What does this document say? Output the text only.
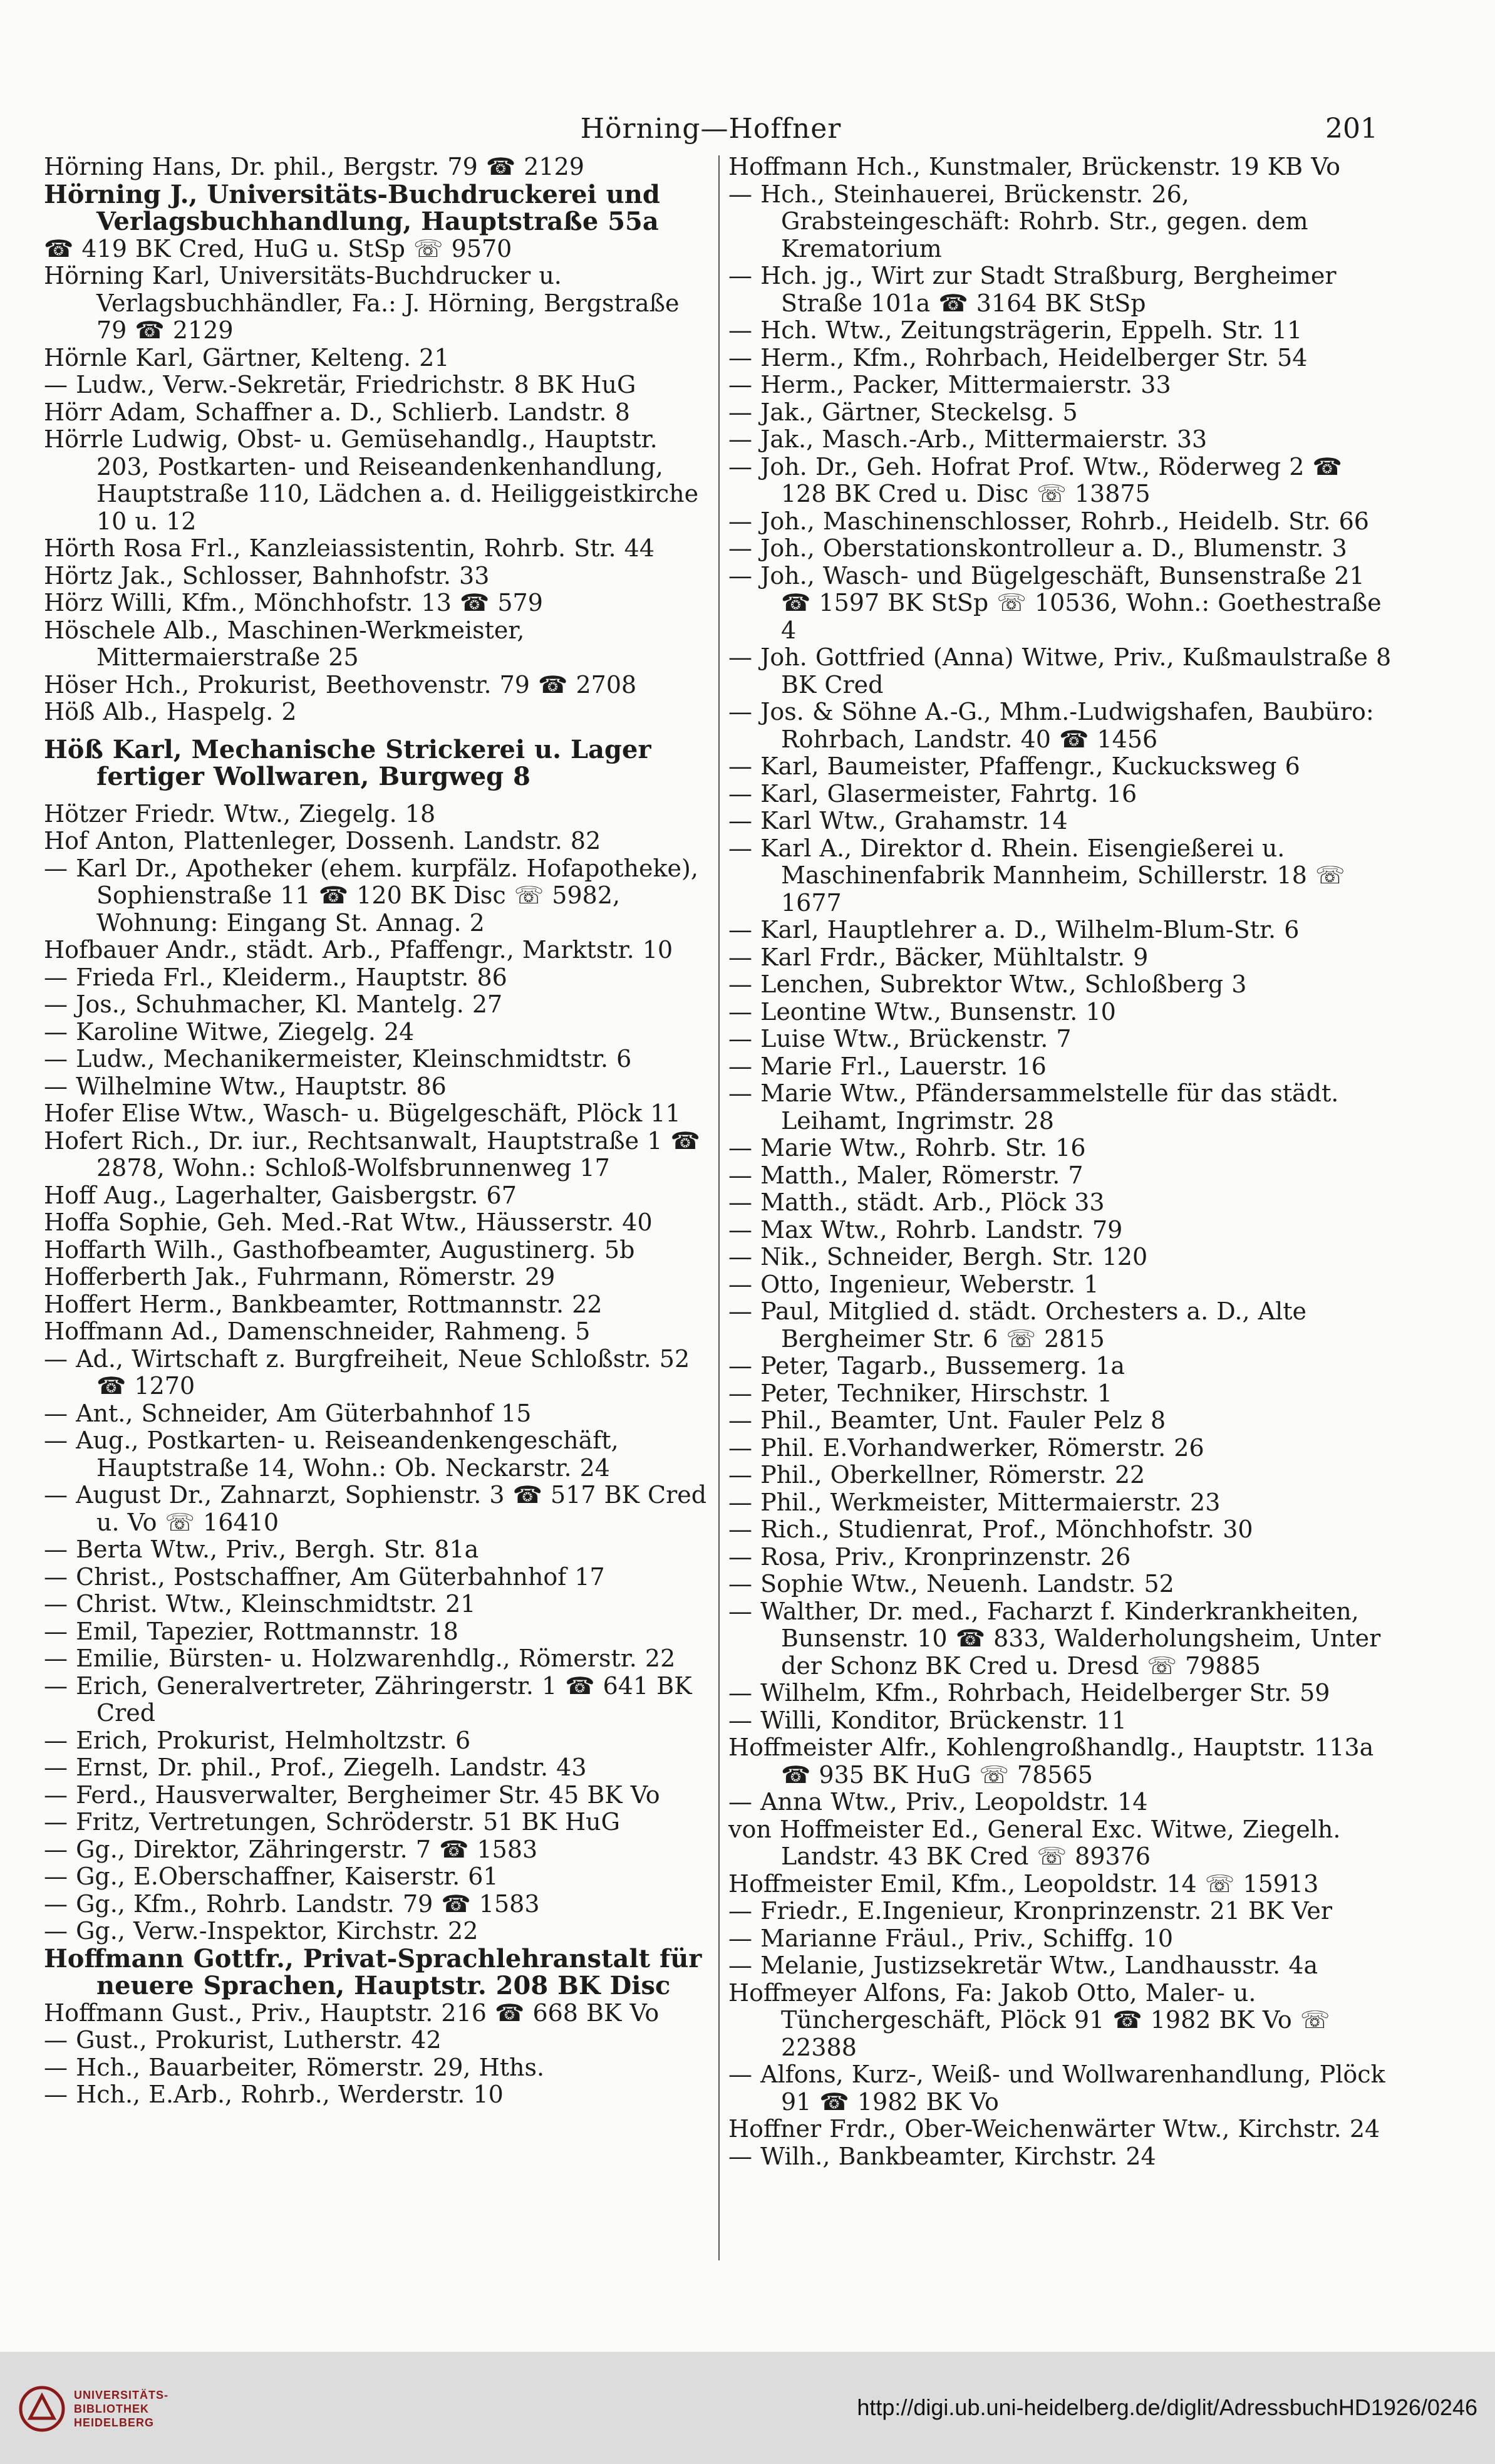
Hörning—Hoffner	201

Hörning Hans, Dr. phil., Bergstr. 79 ☎ 2129

Hörning J., Universitäts-Buchdruckerei und Verlagsbuchhandlung, Hauptstraße 55a

☎ 419 BK Cred, HuG u. StSp ☏ 9570

Hörning Karl, Universitäts-Buchdrucker u. Verlagsbuchhändler, Fa.: J. Hörning, Bergstraße 79 ☎ 2129

Hörnle Karl, Gärtner, Kelteng. 21

— Ludw., Verw.-Sekretär, Friedrichstr. 8 BK HuG

Hörr Adam, Schaffner a. D., Schlierb. Landstr. 8

Hörrle Ludwig, Obst- u. Gemüsehandlg., Hauptstr. 203, Postkarten- und Reiseandenkenhandlung, Hauptstraße 110, Lädchen a. d. Heiliggeistkirche 10 u. 12

Hörth Rosa Frl., Kanzleiassistentin, Rohrb. Str. 44

Hörtz Jak., Schlosser, Bahnhofstr. 33

Hörz Willi, Kfm., Mönchhofstr. 13 ☎ 579

Höschele Alb., Maschinen-Werkmeister, Mittermaierstraße 25

Höser Hch., Prokurist, Beethovenstr. 79 ☎ 2708

Höß Alb., Haspelg. 2

Höß Karl, Mechanische Strickerei u. Lager fertiger Wollwaren, Burgweg 8

Hötzer Friedr. Wtw., Ziegelg. 18

Hof Anton, Plattenleger, Dossenh. Landstr. 82

— Karl Dr., Apotheker (ehem. kurpfälz. Hofapotheke), Sophienstraße 11 ☎ 120 BK Disc ☏ 5982, Wohnung: Eingang St. Annag. 2

Hofbauer Andr., städt. Arb., Pfaffengr., Marktstr. 10

— Frieda Frl., Kleiderm., Hauptstr. 86

— Jos., Schuhmacher, Kl. Mantelg. 27

— Karoline Witwe, Ziegelg. 24

— Ludw., Mechanikermeister, Kleinschmidtstr. 6

— Wilhelmine Wtw., Hauptstr. 86

Hofer Elise Wtw., Wasch- u. Bügelgeschäft, Plöck 11

Hofert Rich., Dr. iur., Rechtsanwalt, Hauptstraße 1 ☎ 2878, Wohn.: Schloß-Wolfsbrunnenweg 17

Hoff Aug., Lagerhalter, Gaisbergstr. 67

Hoffa Sophie, Geh. Med.-Rat Wtw., Häusserstr. 40

Hoffarth Wilh., Gasthofbeamter, Augustinerg. 5b

Hofferberth Jak., Fuhrmann, Römerstr. 29

Hoffert Herm., Bankbeamter, Rottmannstr. 22

Hoffmann Ad., Damenschneider, Rahmeng. 5

— Ad., Wirtschaft z. Burgfreiheit, Neue Schloßstr. 52 ☎ 1270

— Ant., Schneider, Am Güterbahnhof 15

— Aug., Postkarten- u. Reiseandenkengeschäft, Hauptstraße 14, Wohn.: Ob. Neckarstr. 24

— August Dr., Zahnarzt, Sophienstr. 3 ☎ 517 BK Cred u. Vo ☏ 16410

— Berta Wtw., Priv., Bergh. Str. 81a

— Christ., Postschaffner, Am Güterbahnhof 17

— Christ. Wtw., Kleinschmidtstr. 21

— Emil, Tapezier, Rottmannstr. 18

— Emilie, Bürsten- u. Holzwarenhdlg., Römerstr. 22

— Erich, Generalvertreter, Zähringerstr. 1 ☎ 641 BK Cred

— Erich, Prokurist, Helmholtzstr. 6

— Ernst, Dr. phil., Prof., Ziegelh. Landstr. 43

— Ferd., Hausverwalter, Bergheimer Str. 45 BK Vo

— Fritz, Vertretungen, Schröderstr. 51 BK HuG

— Gg., Direktor, Zähringerstr. 7 ☎ 1583

— Gg., E.Oberschaffner, Kaiserstr. 61

— Gg., Kfm., Rohrb. Landstr. 79 ☎ 1583

— Gg., Verw.-Inspektor, Kirchstr. 22

Hoffmann Gottfr., Privat-Sprachlehranstalt für neuere Sprachen, Hauptstr. 208 BK Disc

Hoffmann Gust., Priv., Hauptstr. 216 ☎ 668 BK Vo

— Gust., Prokurist, Lutherstr. 42

— Hch., Bauarbeiter, Römerstr. 29, Hths.

— Hch., E.Arb., Rohrb., Werderstr. 10

Hoffmann Hch., Kunstmaler, Brückenstr. 19 KB Vo

— Hch., Steinhauerei, Brückenstr. 26, Grabsteingeschäft: Rohrb. Str., gegen. dem Krematorium

— Hch. jg., Wirt zur Stadt Straßburg, Bergheimer Straße 101a ☎ 3164 BK StSp

— Hch. Wtw., Zeitungsträgerin, Eppelh. Str. 11

— Herm., Kfm., Rohrbach, Heidelberger Str. 54

— Herm., Packer, Mittermaierstr. 33

— Jak., Gärtner, Steckelsg. 5

— Jak., Masch.-Arb., Mittermaierstr. 33

— Joh. Dr., Geh. Hofrat Prof. Wtw., Röderweg 2 ☎ 128 BK Cred u. Disc ☏ 13875

— Joh., Maschinenschlosser, Rohrb., Heidelb. Str. 66

— Joh., Oberstationskontrolleur a. D., Blumenstr. 3

— Joh., Wasch- und Bügelgeschäft, Bunsenstraße 21 ☎ 1597 BK StSp ☏ 10536, Wohn.: Goethestraße 4

— Joh. Gottfried (Anna) Witwe, Priv., Kußmaulstraße 8 BK Cred

— Jos. & Söhne A.-G., Mhm.-Ludwigshafen, Baubüro: Rohrbach, Landstr. 40 ☎ 1456

— Karl, Baumeister, Pfaffengr., Kuckucksweg 6

— Karl, Glasermeister, Fahrtg. 16

— Karl Wtw., Grahamstr. 14

— Karl A., Direktor d. Rhein. Eisengießerei u. Maschinenfabrik Mannheim, Schillerstr. 18 ☏ 1677

— Karl, Hauptlehrer a. D., Wilhelm-Blum-Str. 6

— Karl Frdr., Bäcker, Mühltalstr. 9

— Lenchen, Subrektor Wtw., Schloßberg 3

— Leontine Wtw., Bunsenstr. 10

— Luise Wtw., Brückenstr. 7

— Marie Frl., Lauerstr. 16

— Marie Wtw., Pfändersammelstelle für das städt. Leihamt, Ingrimstr. 28

— Marie Wtw., Rohrb. Str. 16

— Matth., Maler, Römerstr. 7

— Matth., städt. Arb., Plöck 33

— Max Wtw., Rohrb. Landstr. 79

— Nik., Schneider, Bergh. Str. 120

— Otto, Ingenieur, Weberstr. 1

— Paul, Mitglied d. städt. Orchesters a. D., Alte Bergheimer Str. 6 ☏ 2815

— Peter, Tagarb., Bussemerg. 1a

— Peter, Techniker, Hirschstr. 1

— Phil., Beamter, Unt. Fauler Pelz 8

— Phil. E.Vorhandwerker, Römerstr. 26

— Phil., Oberkellner, Römerstr. 22

— Phil., Werkmeister, Mittermaierstr. 23

— Rich., Studienrat, Prof., Mönchhofstr. 30

— Rosa, Priv., Kronprinzenstr. 26

— Sophie Wtw., Neuenh. Landstr. 52

— Walther, Dr. med., Facharzt f. Kinderkrankheiten, Bunsenstr. 10 ☎ 833, Walderholungsheim, Unter der Schonz BK Cred u. Dresd ☏ 79885

— Wilhelm, Kfm., Rohrbach, Heidelberger Str. 59

— Willi, Konditor, Brückenstr. 11

Hoffmeister Alfr., Kohlengroßhandlg., Hauptstr. 113a ☎ 935 BK HuG ☏ 78565

— Anna Wtw., Priv., Leopoldstr. 14

von Hoffmeister Ed., General Exc. Witwe, Ziegelh. Landstr. 43 BK Cred ☏ 89376

Hoffmeister Emil, Kfm., Leopoldstr. 14 ☏ 15913

— Friedr., E.Ingenieur, Kronprinzenstr. 21 BK Ver

— Marianne Fräul., Priv., Schiffg. 10

— Melanie, Justizsekretär Wtw., Landhausstr. 4a

Hoffmeyer Alfons, Fa: Jakob Otto, Maler- u. Tünchergeschäft, Plöck 91 ☎ 1982 BK Vo ☏ 22388

— Alfons, Kurz-, Weiß- und Wollwarenhandlung, Plöck 91 ☎ 1982 BK Vo

Hoffner Frdr., Ober-Weichenwärter Wtw., Kirchstr. 24

— Wilh., Bankbeamter, Kirchstr. 24

UNIVERSITÄTS-
BIBLIOTHEK
HEIDELBERG
http://digi.ub.uni-heidelberg.de/diglit/AdressbuchHD1926/0246
